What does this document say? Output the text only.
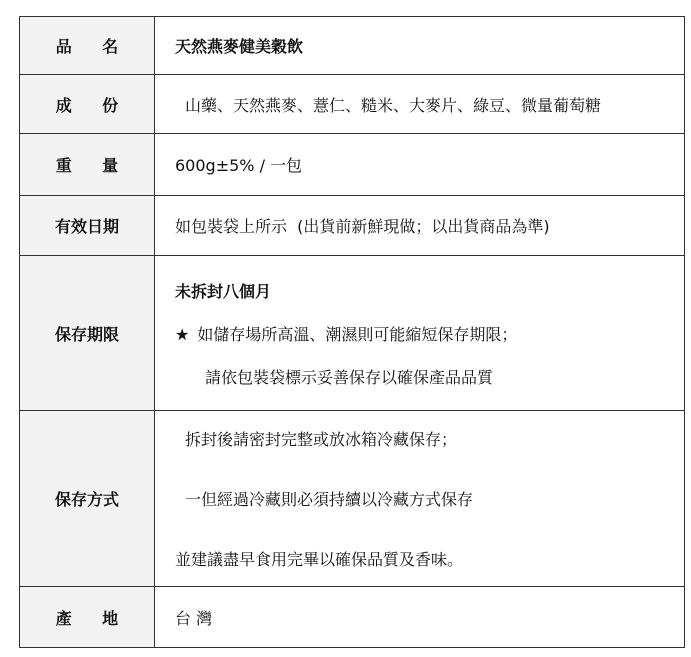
品名	天然燕麥健美穀飲
成份	山藥、天然燕麥、薏仁、糙米、大麥片、綠豆、微量葡萄糖
重量	600g±5% / 一包
有效日期	如包裝袋上所示  (出貨前新鮮現做；以出貨商品為準)
保存期限	未拆封八個月
★ 如儲存場所高溫、潮濕則可能縮短保存期限；
請依包裝袋標示妥善保存以確保產品品質

保存方式	拆封後請密封完整或放冰箱冷藏保存；
一但經過冷藏則必須持續以冷藏方式保存
並建議盡早食用完畢以確保品質及香味。

產地	台 灣
